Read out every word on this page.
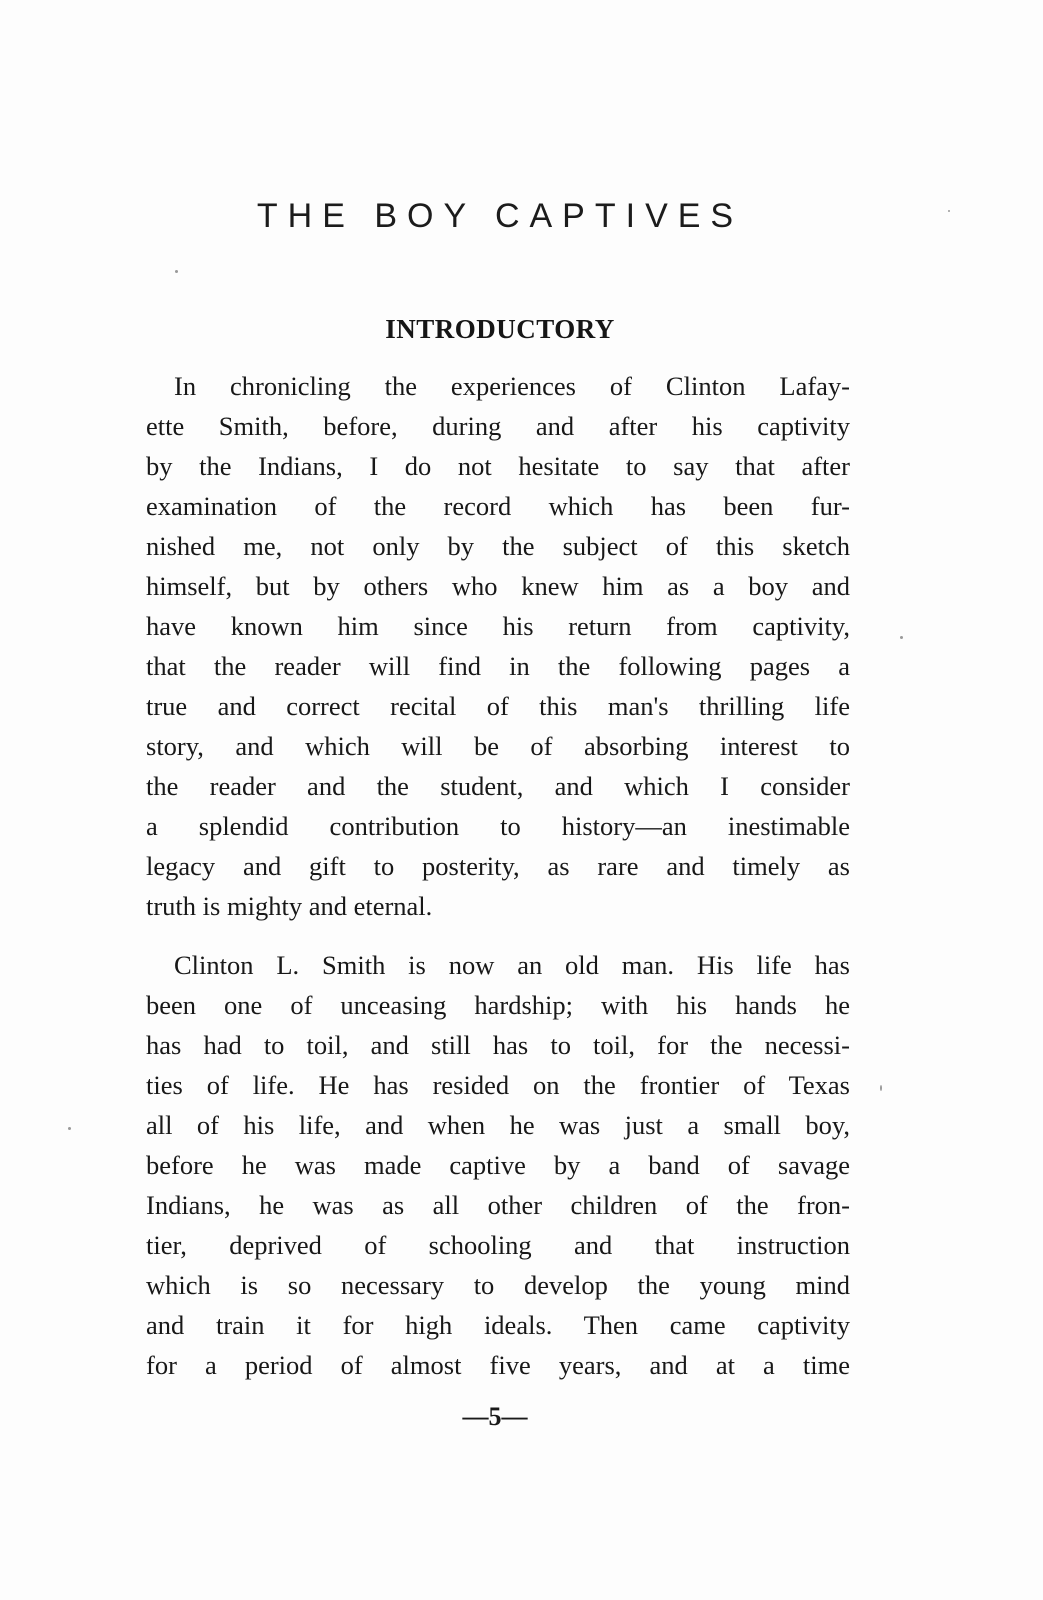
THE BOY CAPTIVES
INTRODUCTORY
In chronicling the experiences of Clinton Lafay-
ette Smith, before, during and after his captivity
by the Indians, I do not hesitate to say that after
examination of the record which has been fur-
nished me, not only by the subject of this sketch
himself, but by others who knew him as a boy and
have known him since his return from captivity,
that the reader will find in the following pages a
true and correct recital of this man's thrilling life
story, and which will be of absorbing interest to
the reader and the student, and which I consider
a splendid contribution to history—an inestimable
legacy and gift to posterity, as rare and timely as
truth is mighty and eternal.
Clinton L. Smith is now an old man. His life has
been one of unceasing hardship; with his hands he
has had to toil, and still has to toil, for the necessi-
ties of life. He has resided on the frontier of Texas
all of his life, and when he was just a small boy,
before he was made captive by a band of savage
Indians, he was as all other children of the fron-
tier, deprived of schooling and that instruction
which is so necessary to develop the young mind
and train it for high ideals. Then came captivity
for a period of almost five years, and at a time
—5—
